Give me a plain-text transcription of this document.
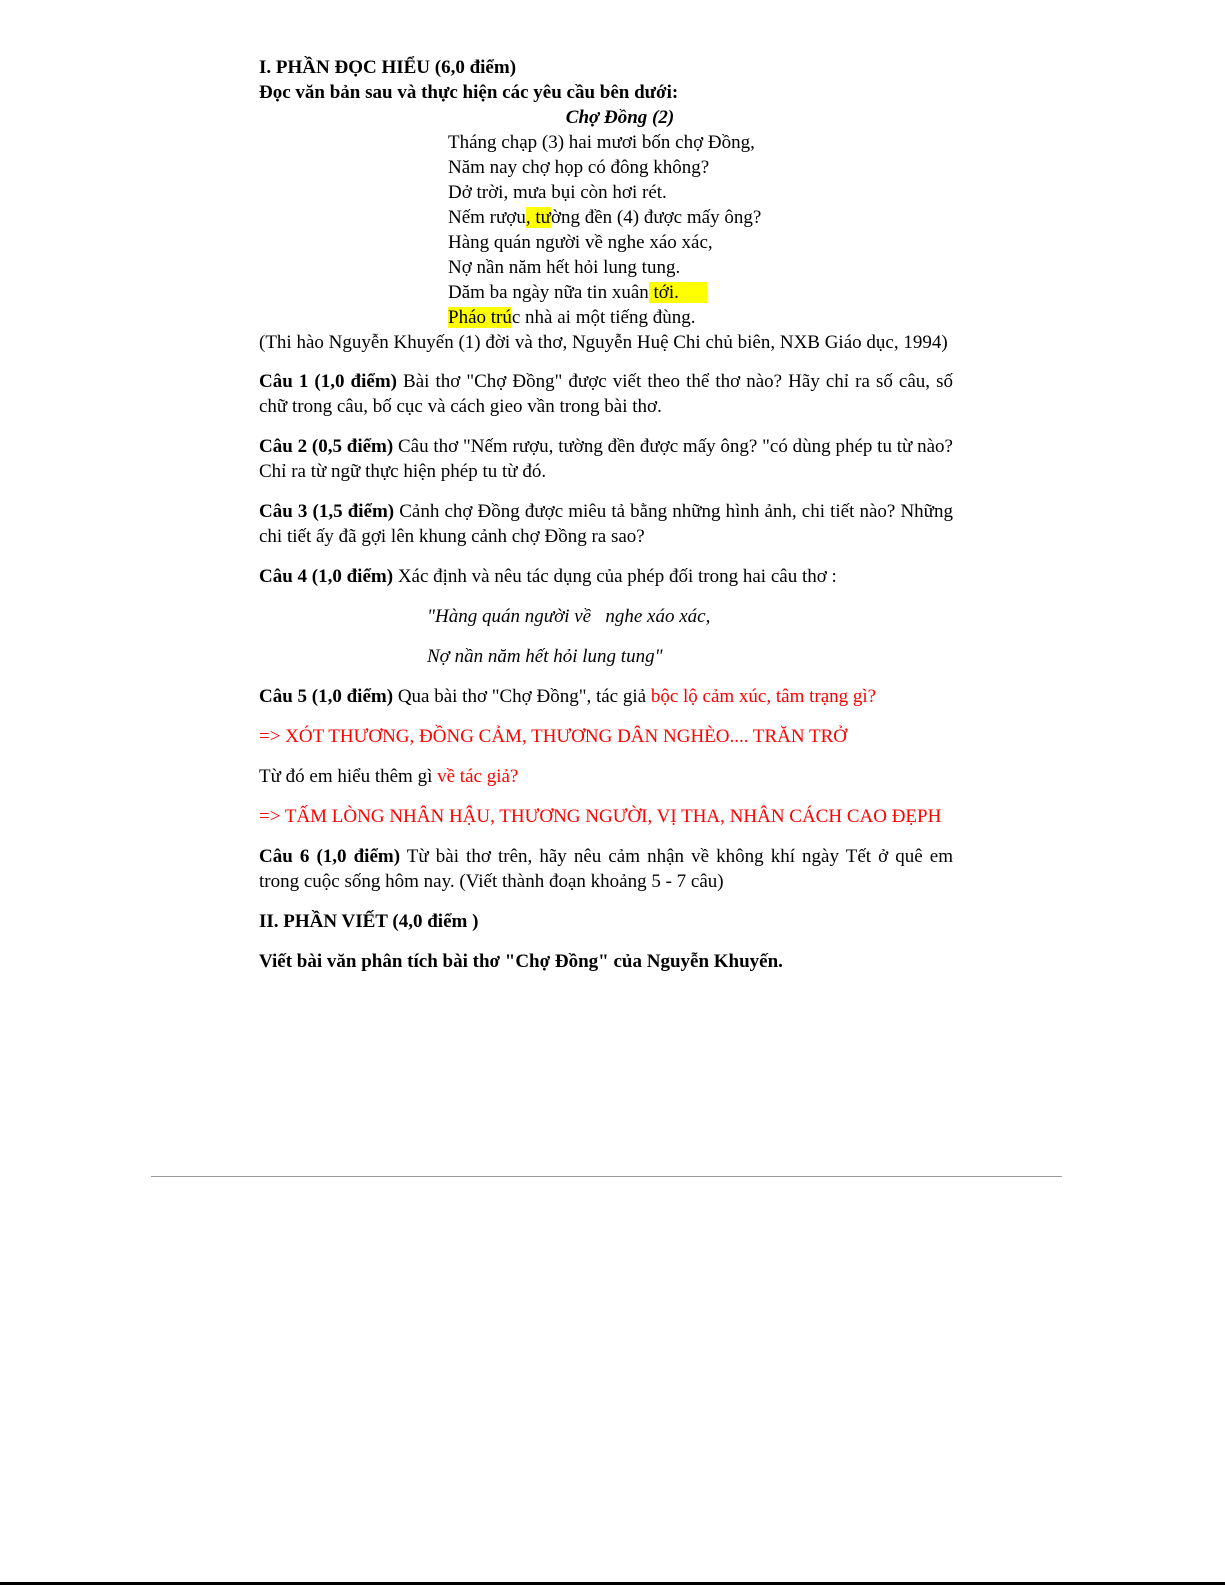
I. PHẦN ĐỌC HIỂU (6,0 điểm)
Đọc văn bản sau và thực hiện các yêu cầu bên dưới:
Chợ Đồng (2)
Tháng chạp (3) hai mươi bốn chợ Đồng,
Năm nay chợ họp có đông không?
Dở trời, mưa bụi còn hơi rét.
Nếm rượu, tường đền (4) được mấy ông?
Hàng quán người về nghe xáo xác,
Nợ nần năm hết hỏi lung tung.
Dăm ba ngày nữa tin xuân tới.
Pháo trúc nhà ai một tiếng đùng.
(Thi hào Nguyễn Khuyến (1) đời và thơ, Nguyễn Huệ Chi chủ biên, NXB Giáo dục, 1994)

Câu 1 (1,0 điểm) Bài thơ "Chợ Đồng" được viết theo thể thơ nào? Hãy chỉ ra số câu, số chữ trong câu, bố cục và cách gieo vần trong bài thơ.

Câu 2 (0,5 điểm) Câu thơ "Nếm rượu, tường đền được mấy ông? "có dùng phép tu từ nào? Chỉ ra từ ngữ thực hiện phép tu từ đó.

Câu 3 (1,5 điểm) Cảnh chợ Đồng được miêu tả bằng những hình ảnh, chi tiết nào? Những chi tiết ấy đã gợi lên khung cảnh chợ Đồng ra sao?

Câu 4 (1,0 điểm) Xác định và nêu tác dụng của phép đối trong hai câu thơ :

"Hàng quán người về   nghe xáo xác,
Nợ nần năm hết hỏi lung tung"

Câu 5 (1,0 điểm) Qua bài thơ "Chợ Đồng", tác giả bộc lộ cảm xúc, tâm trạng gì?

=> XÓT THƯƠNG, ĐỒNG CẢM, THƯƠNG DÂN NGHÈO.... TRĂN TRỞ
Từ đó em hiểu thêm gì về tác giả?
=> TẤM LÒNG NHÂN HẬU, THƯƠNG NGƯỜI, VỊ THA, NHÂN CÁCH CAO ĐẸPH

Câu 6 (1,0 điểm) Từ bài thơ trên, hãy nêu cảm nhận về không khí ngày Tết ở quê em trong cuộc sống hôm nay. (Viết thành đoạn khoảng 5 - 7 câu)

II. PHẦN VIẾT (4,0 điểm )
Viết bài văn phân tích bài thơ "Chợ Đồng" của Nguyễn Khuyến.
